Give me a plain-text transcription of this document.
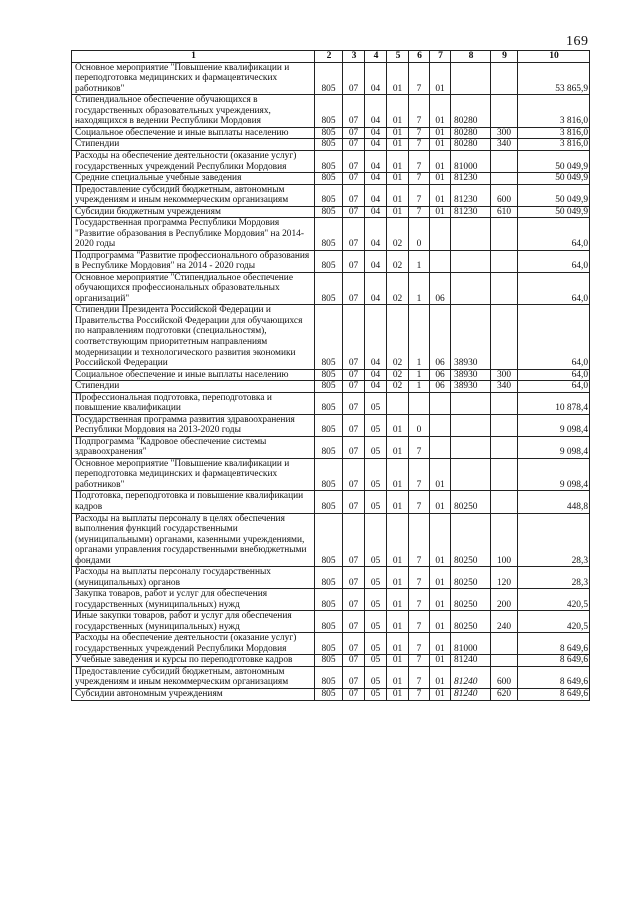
169
1	2	3	4	5	6	7	8	9	10
Основное мероприятие "Повышение квалификации и переподготовка медицинских и фармацевтических работников"	805	07	04	01	7	01			53 865,9
Стипендиальное обеспечение обучающихся в государственных образовательных учреждениях, находящихся в ведении Республики Мордовия	805	07	04	01	7	01	80280		3 816,0
Социальное обеспечение и иные выплаты населению	805	07	04	01	7	01	80280	300	3 816,0
Стипендии	805	07	04	01	7	01	80280	340	3 816,0
Расходы на обеспечение деятельности (оказание услуг) государственных учреждений Республики Мордовия	805	07	04	01	7	01	81000		50 049,9
Средние специальные учебные заведения	805	07	04	01	7	01	81230		50 049,9
Предоставление субсидий бюджетным, автономным учреждениям и иным некоммерческим организациям	805	07	04	01	7	01	81230	600	50 049,9
Субсидии бюджетным учреждениям	805	07	04	01	7	01	81230	610	50 049,9
Государственная программа Республики Мордовия "Развитие образования в Республике Мордовия" на 2014-2020 годы	805	07	04	02	0				64,0
Подпрограмма "Развитие профессионального образования в Республике Мордовия" на 2014 - 2020 годы	805	07	04	02	1				64,0
Основное мероприятие "Стипендиальное обеспечение обучающихся профессиональных образовательных организаций"	805	07	04	02	1	06			64,0
Стипендии Президента Российской Федерации и Правительства Российской Федерации для обучающихся по направлениям подготовки (специальностям), соответствующим приоритетным направлениям модернизации и технологического развития экономики Российской Федерации	805	07	04	02	1	06	38930		64,0
Социальное обеспечение и иные выплаты населению	805	07	04	02	1	06	38930	300	64,0
Стипендии	805	07	04	02	1	06	38930	340	64,0
Профессиональная подготовка, переподготовка и повышение квалификации	805	07	05						10 878,4
Государственная программа развития здравоохранения Республики Мордовия на 2013-2020 годы	805	07	05	01	0				9 098,4
Подпрограмма "Кадровое обеспечение системы здравоохранения"	805	07	05	01	7				9 098,4
Основное мероприятие "Повышение квалификации и переподготовка медицинских и фармацевтических работников"	805	07	05	01	7	01			9 098,4
Подготовка, переподготовка и повышение квалификации кадров	805	07	05	01	7	01	80250		448,8
Расходы на выплаты персоналу в целях обеспечения выполнения функций государственными (муниципальными) органами, казенными учреждениями, органами управления государственными внебюджетными фондами	805	07	05	01	7	01	80250	100	28,3
Расходы на выплаты персоналу государственных (муниципальных) органов	805	07	05	01	7	01	80250	120	28,3
Закупка товаров, работ и услуг для обеспечения государственных (муниципальных) нужд	805	07	05	01	7	01	80250	200	420,5
Иные закупки товаров, работ и услуг для обеспечения государственных (муниципальных) нужд	805	07	05	01	7	01	80250	240	420,5
Расходы на обеспечение деятельности (оказание услуг) государственных учреждений Республики Мордовия	805	07	05	01	7	01	81000		8 649,6
Учебные заведения и курсы по переподготовке кадров	805	07	05	01	7	01	81240		8 649,6
Предоставление субсидий бюджетным, автономным учреждениям и иным некоммерческим организациям	805	07	05	01	7	01	81240	600	8 649,6
Субсидии автономным учреждениям	805	07	05	01	7	01	81240	620	8 649,6
